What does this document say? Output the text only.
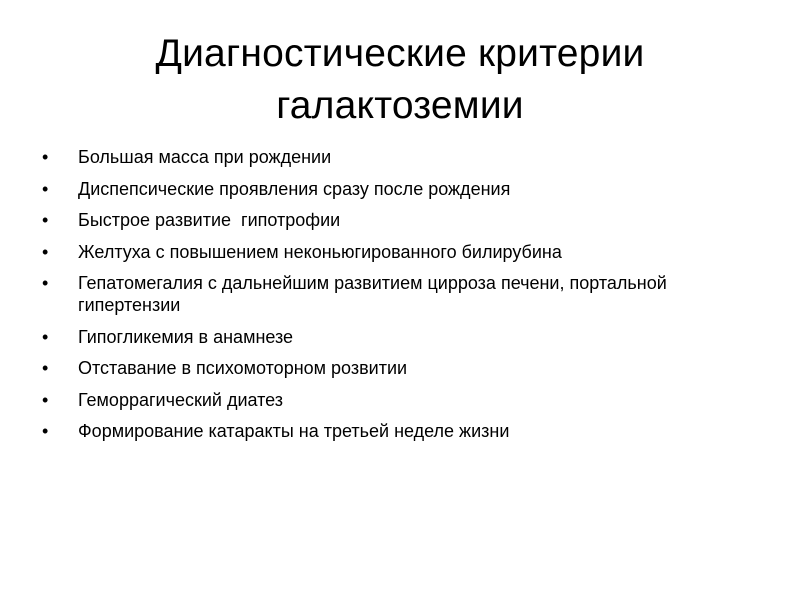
Диагностические критерии галактоземии
•	Большая масса при рождении
•	Диспепсические проявления сразу после рождения
•	Быстрое развитие  гипотрофии
•	Желтуха с повышением неконьюгированного билирубина
•	Гепатомегалия с дальнейшим развитием цирроза печени, портальной гипертензии
•	Гипогликемия в анамнезе
•	Отставание в психомоторном розвитии
•	Геморрагический диатез
•	Формирование катаракты на третьей неделе жизни
